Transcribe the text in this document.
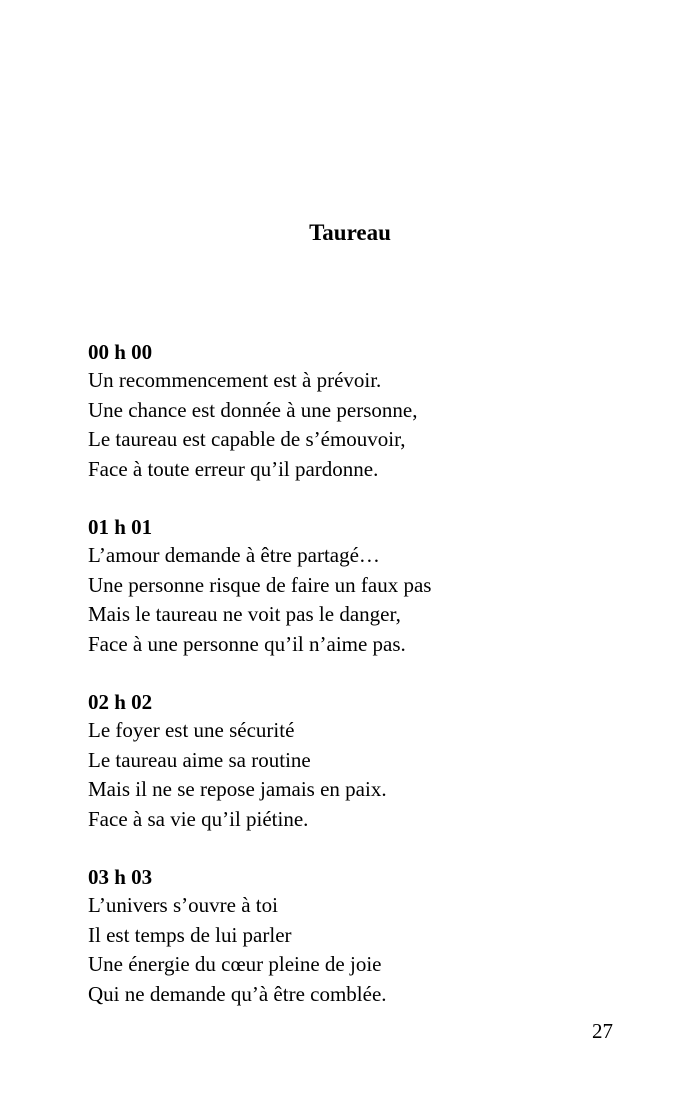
Taureau
00 h 00
Un recommencement est à prévoir.
Une chance est donnée à une personne,
Le taureau est capable de s’émouvoir,
Face à toute erreur qu’il pardonne.
01 h 01
L’amour demande à être partagé…
Une personne risque de faire un faux pas
Mais le taureau ne voit pas le danger,
Face à une personne qu’il n’aime pas.
02 h 02
Le foyer est une sécurité
Le taureau aime sa routine
Mais il ne se repose jamais en paix.
Face à sa vie qu’il piétine.
03 h 03
L’univers s’ouvre à toi
Il est temps de lui parler
Une énergie du cœur pleine de joie
Qui ne demande qu’à être comblée.
27
